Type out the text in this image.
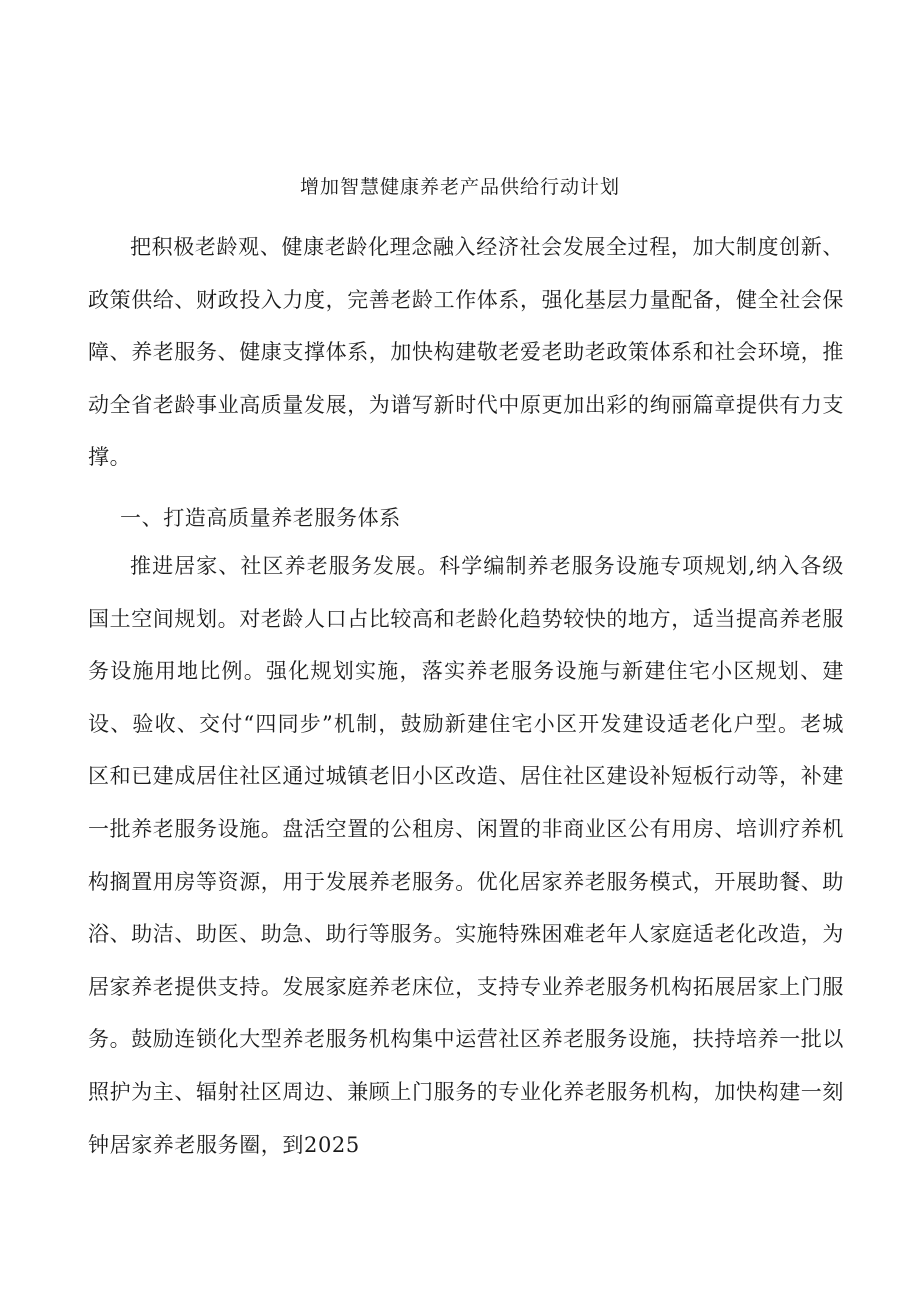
增加智慧健康养老产品供给行动计划

把积极老龄观、健康老龄化理念融入经济社会发展全过程，加大制度创新、政策供给、财政投入力度，完善老龄工作体系，强化基层力量配备，健全社会保障、养老服务、健康支撑体系，加快构建敬老爱老助老政策体系和社会环境，推动全省老龄事业高质量发展，为谱写新时代中原更加出彩的绚丽篇章提供有力支撑。

一、打造高质量养老服务体系

推进居家、社区养老服务发展。科学编制养老服务设施专项规划,纳入各级国土空间规划。对老龄人口占比较高和老龄化趋势较快的地方，适当提高养老服务设施用地比例。强化规划实施，落实养老服务设施与新建住宅小区规划、建设、验收、交付“四同步”机制，鼓励新建住宅小区开发建设适老化户型。老城区和已建成居住社区通过城镇老旧小区改造、居住社区建设补短板行动等，补建一批养老服务设施。盘活空置的公租房、闲置的非商业区公有用房、培训疗养机构搁置用房等资源，用于发展养老服务。优化居家养老服务模式，开展助餐、助浴、助洁、助医、助急、助行等服务。实施特殊困难老年人家庭适老化改造，为居家养老提供支持。发展家庭养老床位，支持专业养老服务机构拓展居家上门服务。鼓励连锁化大型养老服务机构集中运营社区养老服务设施，扶持培养一批以照护为主、辐射社区周边、兼顾上门服务的专业化养老服务机构，加快构建一刻钟居家养老服务圈，到2025
